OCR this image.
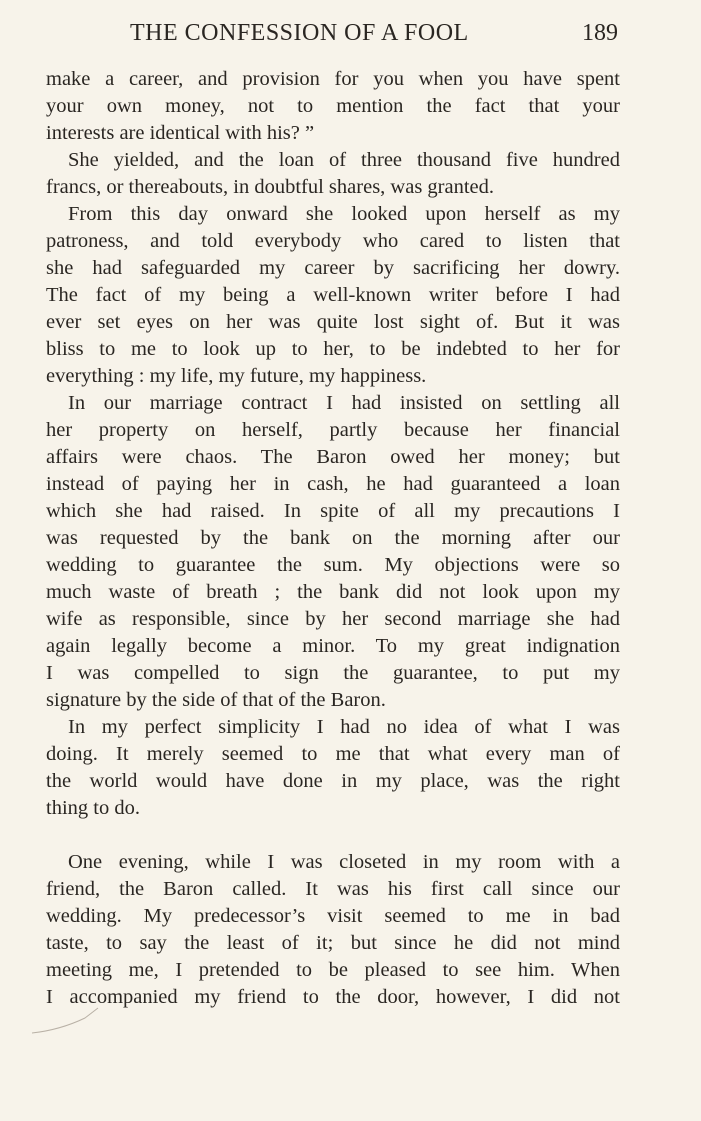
THE CONFESSION OF A FOOL	189
make a career, and provision for you when you have spent
your own money, not to mention the fact that your
interests are identical with his? ”
She yielded, and the loan of three thousand five hundred
francs, or thereabouts, in doubtful shares, was granted.
From this day onward she looked upon herself as my
patroness, and told everybody who cared to listen that
she had safeguarded my career by sacrificing her dowry.
The fact of my being a well-known writer before I had
ever set eyes on her was quite lost sight of. But it was
bliss to me to look up to her, to be indebted to her for
everything : my life, my future, my happiness.
In our marriage contract I had insisted on settling all
her property on herself, partly because her financial
affairs were chaos. The Baron owed her money; but
instead of paying her in cash, he had guaranteed a loan
which she had raised. In spite of all my precautions I
was requested by the bank on the morning after our
wedding to guarantee the sum. My objections were so
much waste of breath ; the bank did not look upon my
wife as responsible, since by her second marriage she had
again legally become a minor. To my great indignation
I was compelled to sign the guarantee, to put my
signature by the side of that of the Baron.
In my perfect simplicity I had no idea of what I was
doing. It merely seemed to me that what every man of
the world would have done in my place, was the right
thing to do.
One evening, while I was closeted in my room with a
friend, the Baron called. It was his first call since our
wedding. My predecessor’s visit seemed to me in bad
taste, to say the least of it; but since he did not mind
meeting me, I pretended to be pleased to see him. When
I accompanied my friend to the door, however, I did not
